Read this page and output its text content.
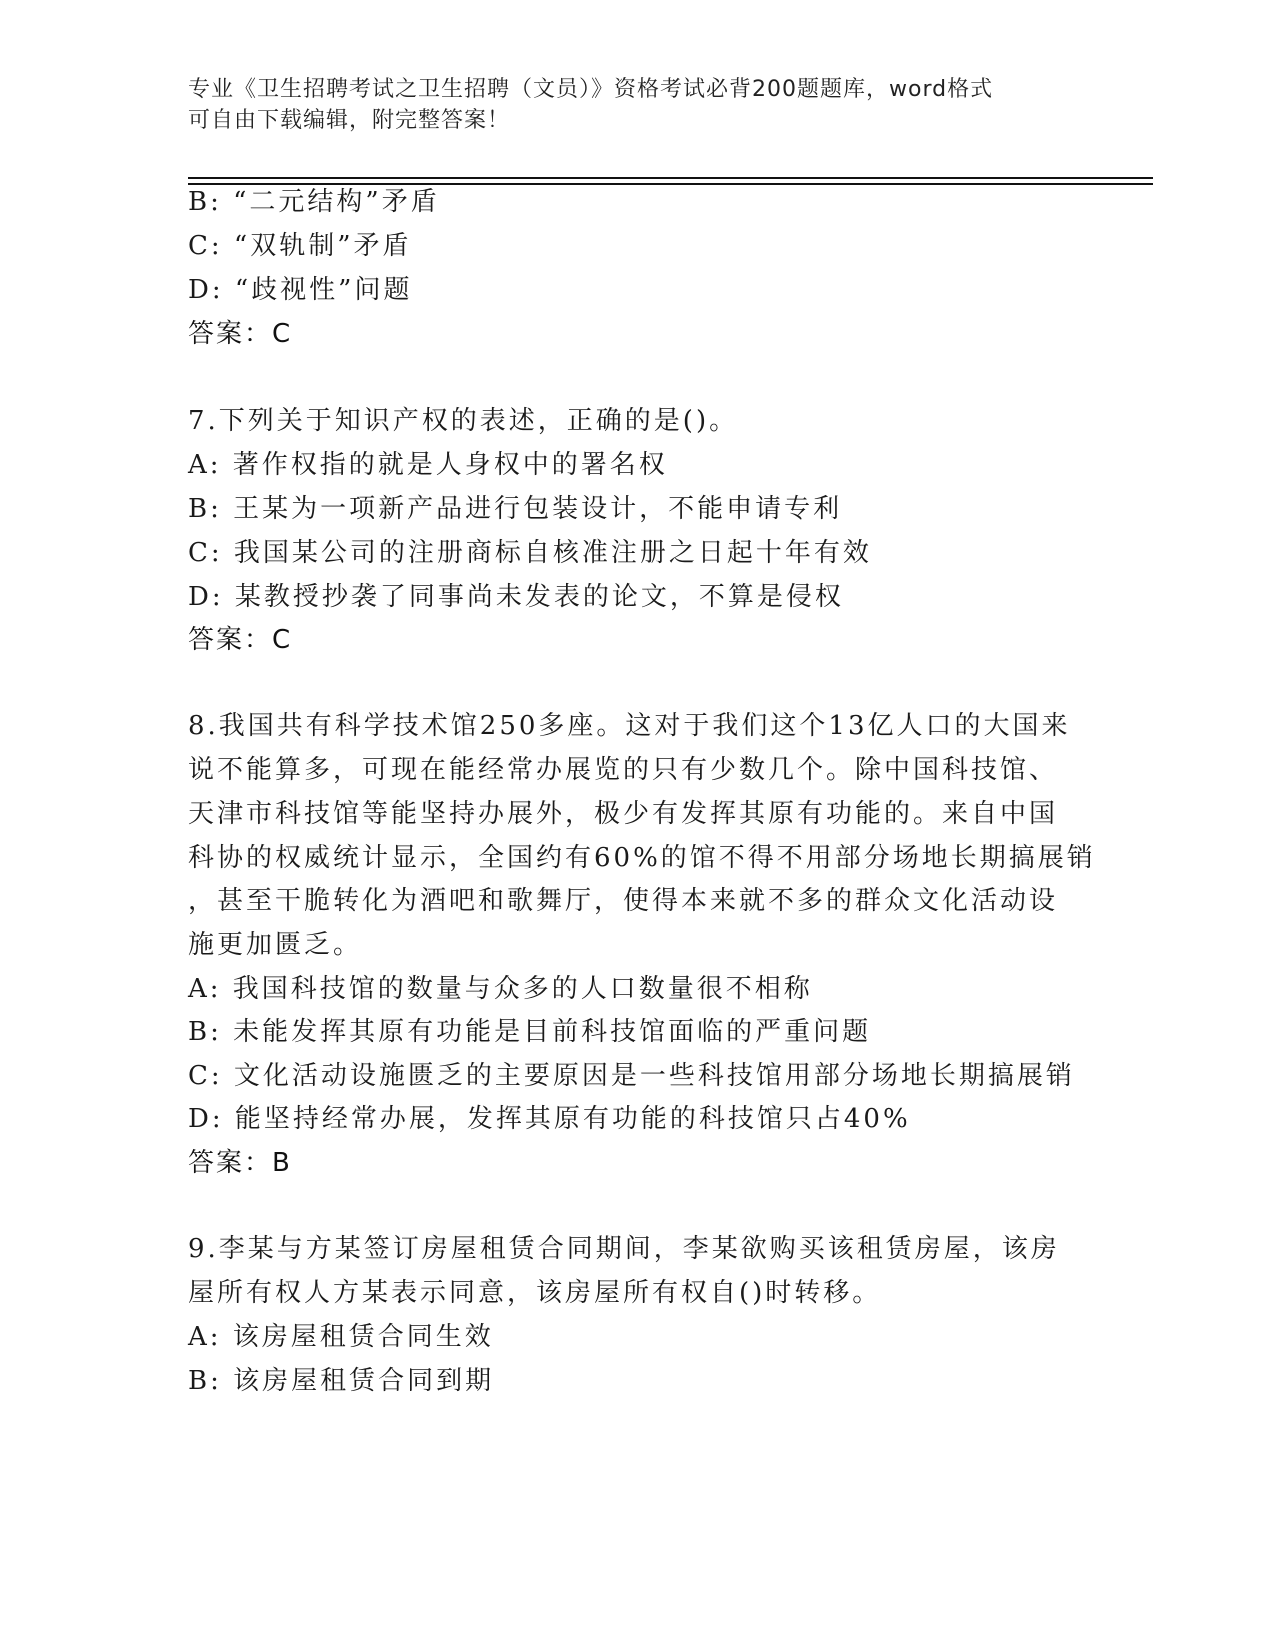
专业《卫生招聘考试之卫生招聘（文员）》资格考试必背200题题库，word格式
可自由下载编辑，附完整答案！
B: “二元结构”矛盾
C: “双轨制”矛盾
D: “歧视性”问题
答案：C
7.下列关于知识产权的表述，正确的是()。
A: 著作权指的就是人身权中的署名权
B: 王某为一项新产品进行包装设计，不能申请专利
C: 我国某公司的注册商标自核准注册之日起十年有效
D: 某教授抄袭了同事尚未发表的论文，不算是侵权
答案：C
8.我国共有科学技术馆250多座。这对于我们这个13亿人口的大国来
说不能算多，可现在能经常办展览的只有少数几个。除中国科技馆、
天津市科技馆等能坚持办展外，极少有发挥其原有功能的。来自中国
科协的权威统计显示，全国约有60%的馆不得不用部分场地长期搞展销
，甚至干脆转化为酒吧和歌舞厅，使得本来就不多的群众文化活动设
施更加匮乏。
A: 我国科技馆的数量与众多的人口数量很不相称
B: 未能发挥其原有功能是目前科技馆面临的严重问题
C: 文化活动设施匮乏的主要原因是一些科技馆用部分场地长期搞展销
D: 能坚持经常办展，发挥其原有功能的科技馆只占40%
答案：B
9.李某与方某签订房屋租赁合同期间，李某欲购买该租赁房屋，该房
屋所有权人方某表示同意，该房屋所有权自()时转移。
A: 该房屋租赁合同生效
B: 该房屋租赁合同到期
